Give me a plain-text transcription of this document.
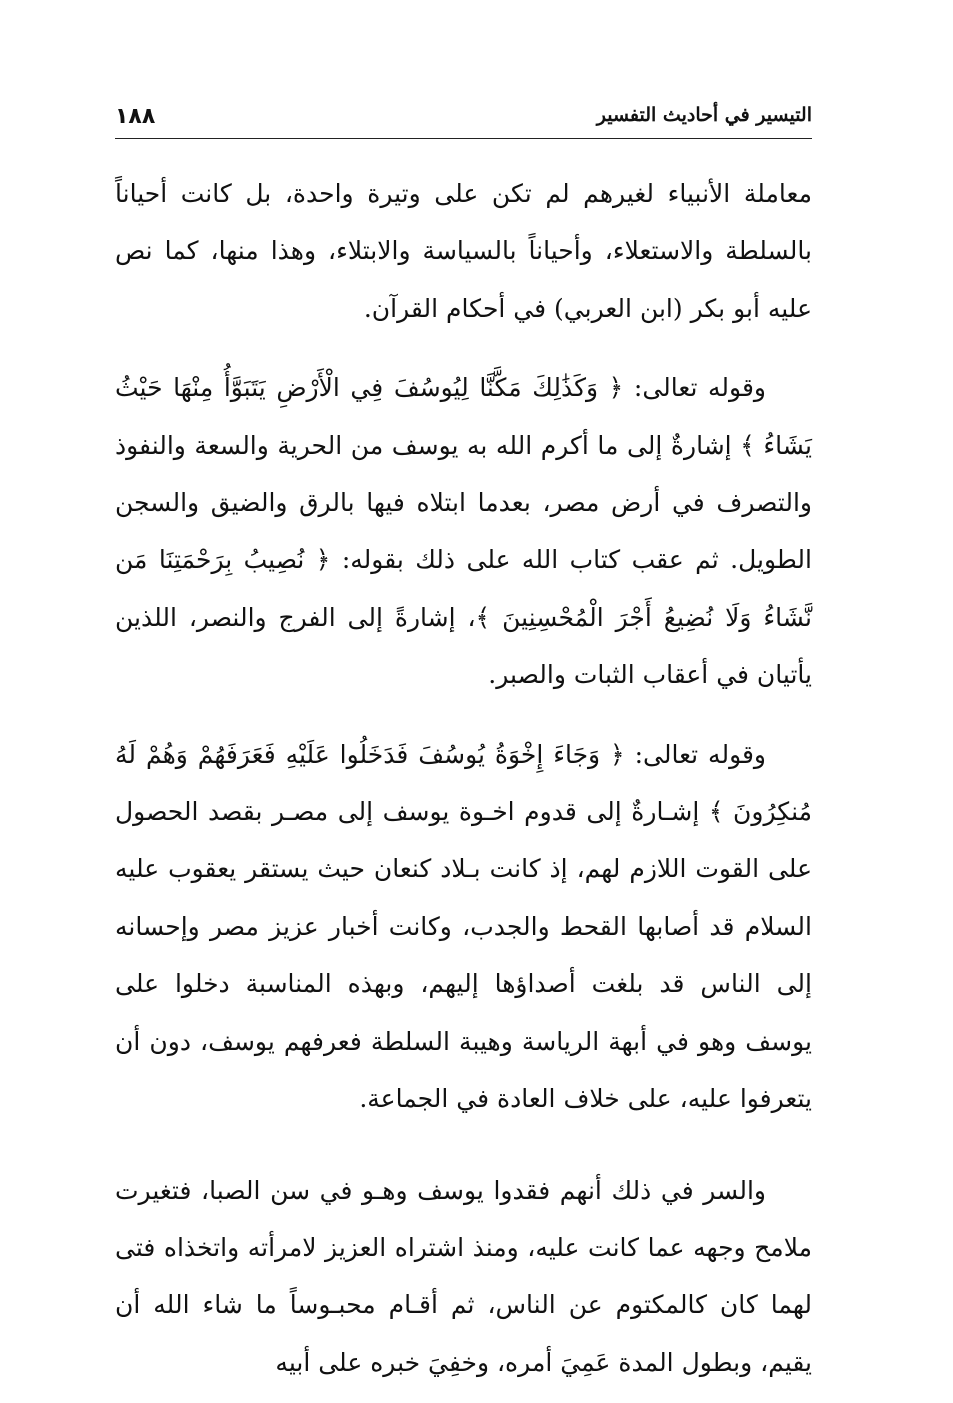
١٨٨	التيسير في أحاديث التفسير

معاملة الأنبياء لغيرهم لم تكن على وتيرة واحدة، بل كانت أحياناً بالسلطة والاستعلاء، وأحياناً بالسياسة والابتلاء، وهذا منها، كما نص عليه أبو بكر (ابن العربي) في أحكام القرآن.

وقوله تعالى: ﴿ وَكَذَٰلِكَ مَكَّنَّا لِيُوسُفَ فِي الْأَرْضِ يَتَبَوَّأُ مِنْهَا حَيْثُ يَشَاءُ ﴾ إشارةٌ إلى ما أكرم الله به يوسف من الحرية والسعة والنفوذ والتصرف في أرض مصر، بعدما ابتلاه فيها بالرق والضيق والسجن الطويل. ثم عقب كتاب الله على ذلك بقوله: ﴿ نُصِيبُ بِرَحْمَتِنَا مَن نَّشَاءُ وَلَا نُضِيعُ أَجْرَ الْمُحْسِنِينَ ﴾، إشارةً إلى الفرج والنصر، اللذين يأتيان في أعقاب الثبات والصبر.

وقوله تعالى: ﴿ وَجَاءَ إِخْوَةُ يُوسُفَ فَدَخَلُوا عَلَيْهِ فَعَرَفَهُمْ وَهُمْ لَهُ مُنكِرُونَ ﴾ إشـارةٌ إلى قدوم اخـوة يوسف إلى مصـر بقصد الحصول على القوت اللازم لهم، إذ كانت بـلاد كنعان حيث يستقر يعقوب عليه السلام قد أصابها القحط والجدب، وكانت أخبار عزيز مصر وإحسانه إلى الناس قد بلغت أصداؤها إليهم، وبهذه المناسبة دخلوا على يوسف وهو في أبهة الرياسة وهيبة السلطة فعرفهم يوسف، دون أن يتعرفوا عليه، على خلاف العادة في الجماعة.

والسر في ذلك أنهم فقدوا يوسف وهـو في سن الصبا، فتغيرت ملامح وجهه عما كانت عليه، ومنذ اشتراه العزيز لامرأته واتخذاه فتى لهما كان كالمكتوم عن الناس، ثم أقـام محبـوساً ما شاء الله أن يقيم، وبطول المدة عَمِيَ أمره، وخفِيَ خبره على أبيه
